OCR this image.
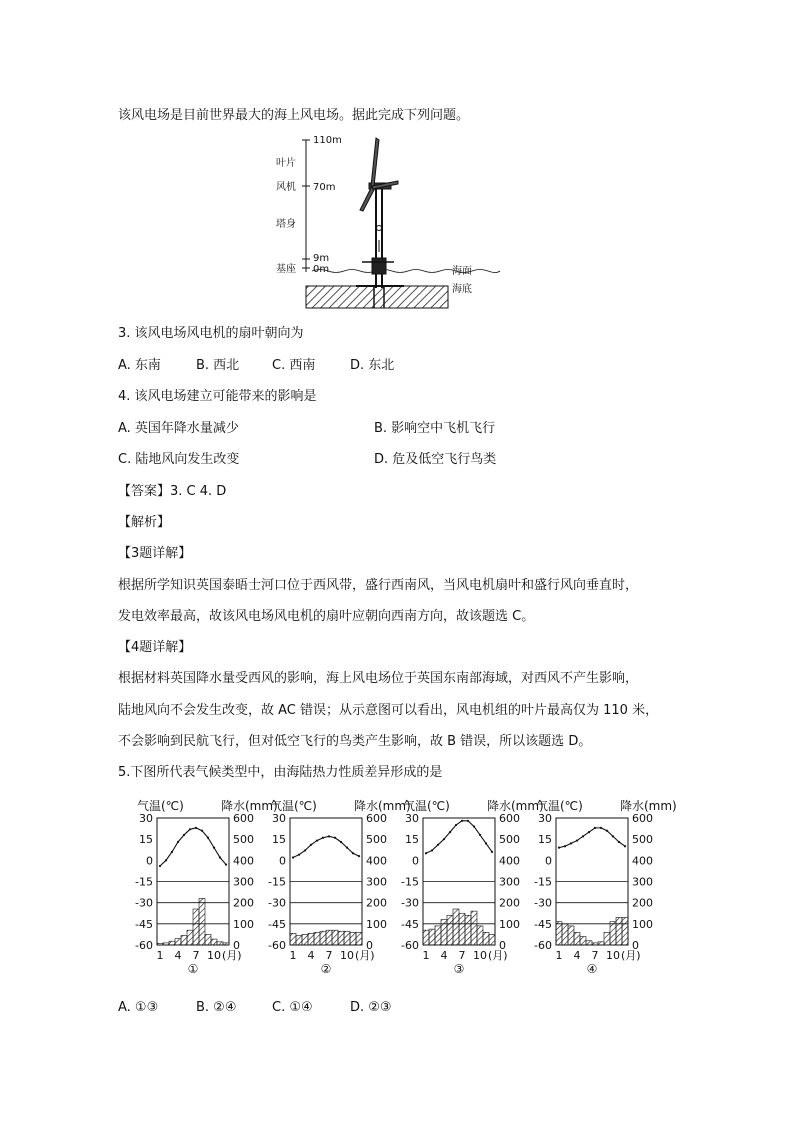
该风电场是目前世界最大的海上风电场。据此完成下列问题。
110m
70m
9m
0m
叶片
风机
塔身
基座	海面
海底
3. 该风电场风电机的扇叶朝向为
A. 东南	B. 西北	C. 西南	D. 东北
4. 该风电场建立可能带来的影响是
A. 英国年降水量减少	B. 影响空中飞机飞行
C. 陆地风向发生改变	D. 危及低空飞行鸟类
【答案】3. C 4. D
【解析】
【3题详解】
根据所学知识英国泰晤士河口位于西风带，盛行西南风，当风电机扇叶和盛行风向垂直时，
发电效率最高，故该风电场风电机的扇叶应朝向西南方向，故该题选 C。
【4题详解】
根据材料英国降水量受西风的影响，海上风电场位于英国东南部海域，对西风不产生影响，
陆地风向不会发生改变，故 AC 错误；从示意图可以看出，风电机组的叶片最高仅为 110 米，
不会影响到民航飞行，但对低空飞行的鸟类产生影响，故 B 错误，所以该题选 D。
5.下图所代表气候类型中，由海陆热力性质差异形成的是
气温(℃)	降水(mm)
30
15
0
-15
-30
-45
-60
600
500
400
300
200
100
0
1 4 7 10 (月)
①
气温(℃)	降水(mm)
30
15
0
-15
-30
-45
-60
600
500
400
300
200
100
0
1 4 7 10 (月)
②
气温(℃)	降水(mm)
30
15
0
-15
-30
-45
-60
600
500
400
300
200
100
0
1 4 7 10 (月)
③
气温(℃)	降水(mm)
30
15
0
-15
-30
-45
-60
600
500
400
300
200
100
0
1 4 7 10 (月)
④
A. ①③	B. ②④	C. ①④	D. ②③
